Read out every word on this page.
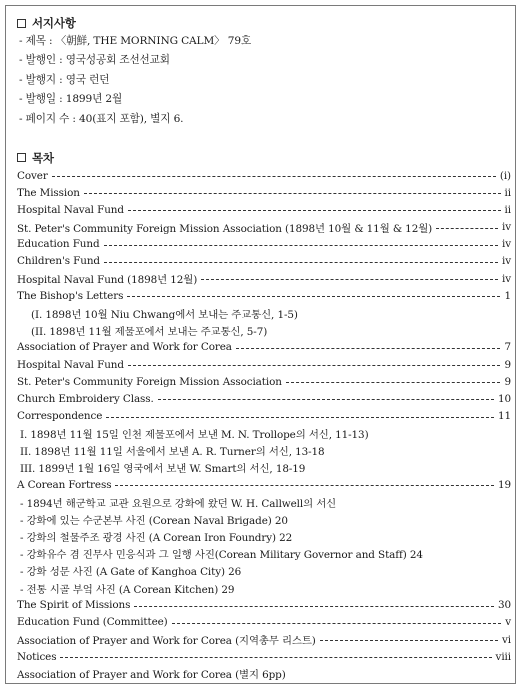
서지사항
- 제목 : 〈朝鮮, THE MORNING CALM〉 79호
- 발행인 : 영국성공회 조선선교회
- 발행지 : 영국 런던
- 발행일 : 1899년 2월
- 페이지 수 : 40(표지 포함), 별지 6.
목차
Cover	(i)
The Mission	ii
Hospital Naval Fund	ii
St. Peter's Community Foreign Mission Association (1898년 10월 & 11월 & 12월)	iv
Education Fund	iv
Children's Fund	iv
Hospital Naval Fund (1898년 12월)	iv
The Bishop's Letters	1
(I. 1898년 10월 Niu Chwang에서 보내는 주교통신, 1-5)
(II. 1898년 11월 제물포에서 보내는 주교통신, 5-7)
Association of Prayer and Work for Corea	7
Hospital Naval Fund	9
St. Peter's Community Foreign Mission Association	9
Church Embroidery Class.	10
Correspondence	11
I. 1898년 11월 15일 인천 제물포에서 보낸 M. N. Trollope의 서신, 11-13)
II. 1898년 11월 11일 서울에서 보낸 A. R. Turner의 서신, 13-18
III. 1899년 1월 16일 영국에서 보낸 W. Smart의 서신, 18-19
A Corean Fortress	19
- 1894년 해군학교 교관 요원으로 강화에 왔던 W. H. Callwell의 서신
- 강화에 있는 수군본부 사진 (Corean Naval Brigade) 20
- 강화의 철물주조 광경 사진 (A Corean Iron Foundry) 22
- 강화유수 겸 진무사 민응식과 그 일행 사진(Corean Military Governor and Staff) 24
- 강화 성문 사진 (A Gate of Kanghoa City) 26
- 전통 시골 부엌 사진 (A Corean Kitchen) 29
The Spirit of Missions	30
Education Fund (Committee)	v
Association of Prayer and Work for Corea (지역총무 리스트)	vi
Notices	viii
Association of Prayer and Work for Corea (별지 6pp)
